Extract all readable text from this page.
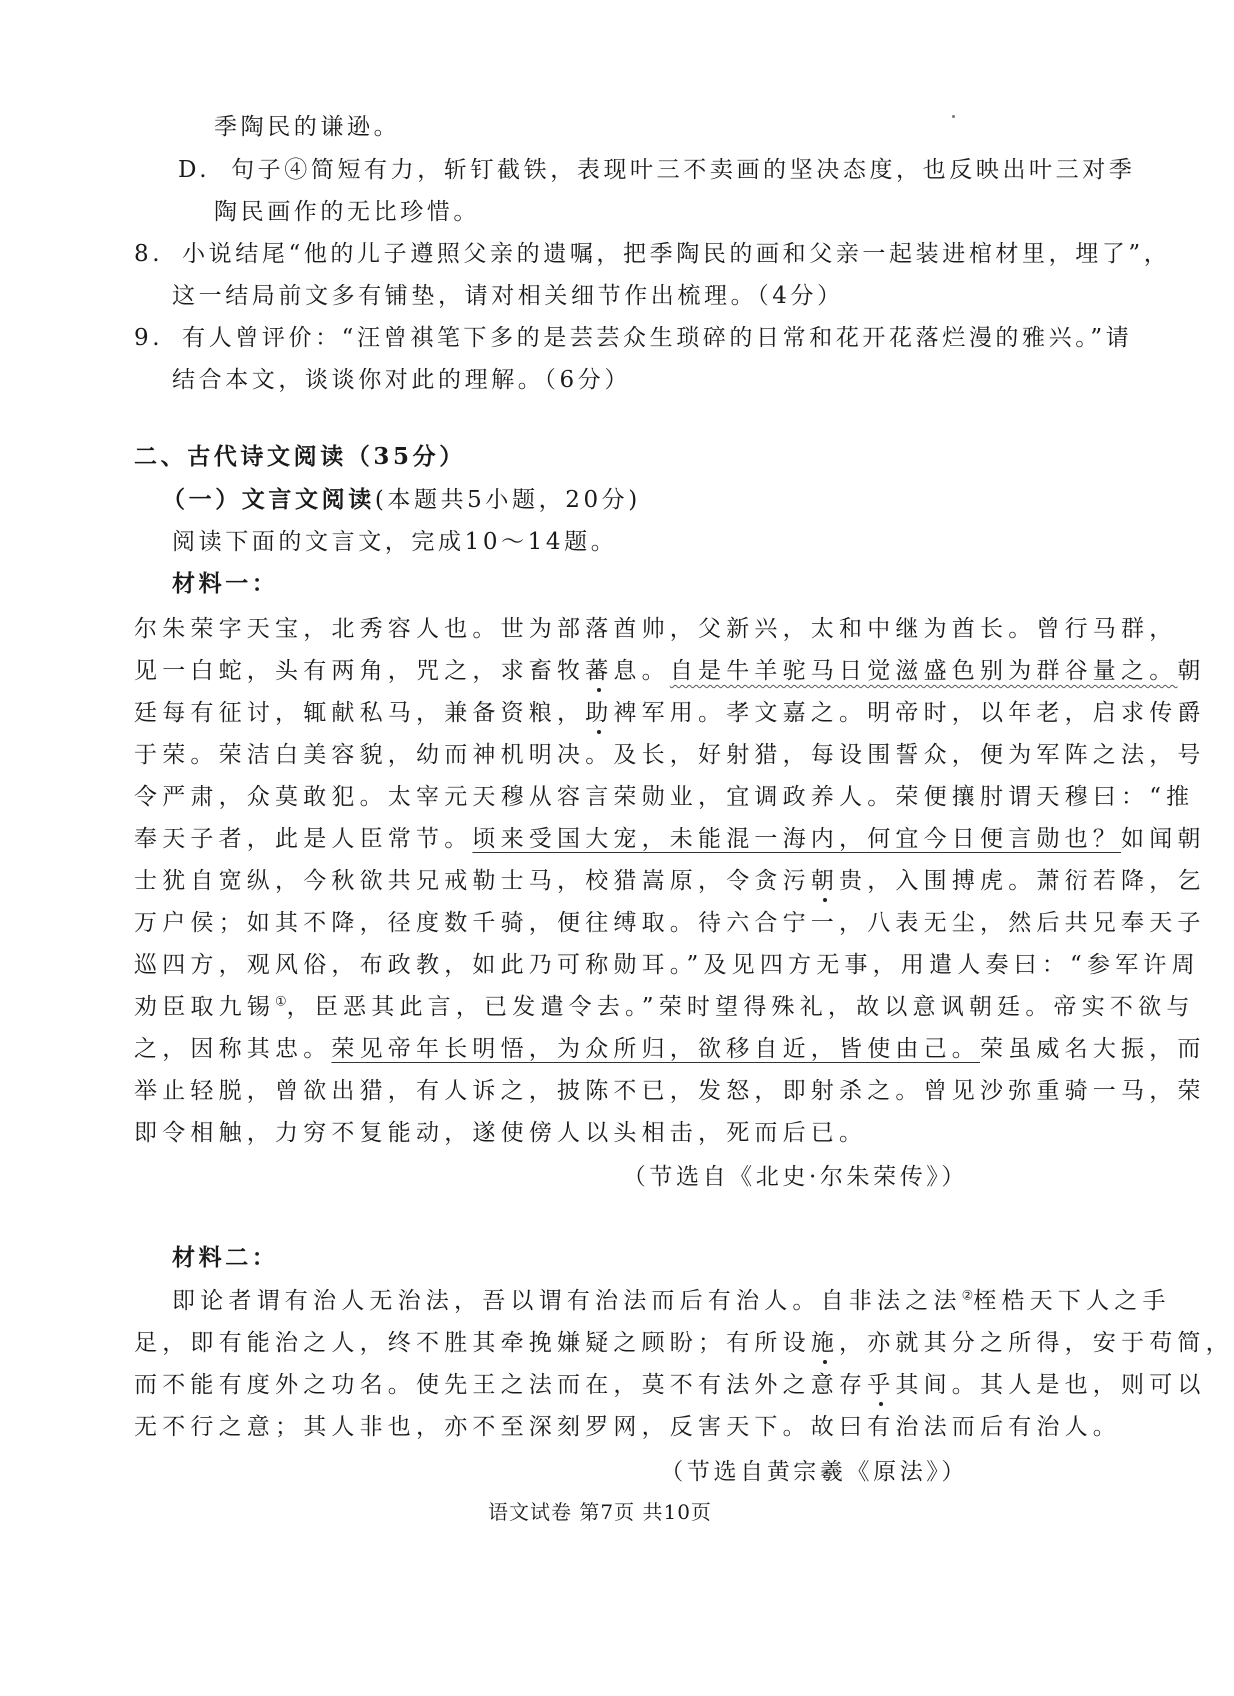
季陶民的谦逊。
D. 句子④简短有力，斩钉截铁，表现叶三不卖画的坚决态度，也反映出叶三对季
陶民画作的无比珍惜。
8. 小说结尾“他的儿子遵照父亲的遗嘱，把季陶民的画和父亲一起装进棺材里，埋了”，
这一结局前文多有铺垫，请对相关细节作出梳理。（4分）
9. 有人曾评价：“汪曾祺笔下多的是芸芸众生琐碎的日常和花开花落烂漫的雅兴。”请
结合本文，谈谈你对此的理解。（6分）
二、古代诗文阅读（35分）
（一）文言文阅读(本题共5小题，20分)
阅读下面的文言文，完成10～14题。
材料一：
尔朱荣字天宝，北秀容人也。世为部落酋帅，父新兴，太和中继为酋长。曾行马群，
见一白蛇，头有两角，咒之，求畜牧蕃息。自是牛羊驼马日觉滋盛色别为群谷量之。朝
廷每有征讨，辄献私马，兼备资粮，助裨军用。孝文嘉之。明帝时，以年老，启求传爵
于荣。荣洁白美容貌，幼而神机明决。及长，好射猎，每设围誓众，便为军阵之法，号
令严肃，众莫敢犯。太宰元天穆从容言荣勋业，宜调政养人。荣便攘肘谓天穆曰：“推
奉天子者，此是人臣常节。顷来受国大宠，未能混一海内，何宜今日便言勋也？如闻朝
士犹自宽纵，今秋欲共兄戒勒士马，校猎嵩原，令贪污朝贵，入围搏虎。萧衍若降，乞
万户侯；如其不降，径度数千骑，便往缚取。待六合宁一，八表无尘，然后共兄奉天子
巡四方，观风俗，布政教，如此乃可称勋耳。”及见四方无事，用遣人奏曰：“参军许周
劝臣取九锡①，臣恶其此言，已发遣令去。”荣时望得殊礼，故以意讽朝廷。帝实不欲与
之，因称其忠。荣见帝年长明悟，为众所归，欲移自近，皆使由己。荣虽威名大振，而
举止轻脱，曾欲出猎，有人诉之，披陈不已，发怒，即射杀之。曾见沙弥重骑一马，荣
即令相触，力穷不复能动，遂使傍人以头相击，死而后已。
（节选自《北史·尔朱荣传》）
材料二：
即论者谓有治人无治法，吾以谓有治法而后有治人。自非法之法②桎梏天下人之手
足，即有能治之人，终不胜其牵挽嫌疑之顾盼；有所设施，亦就其分之所得，安于苟简，
而不能有度外之功名。使先王之法而在，莫不有法外之意存乎其间。其人是也，则可以
无不行之意；其人非也，亦不至深刻罗网，反害天下。故曰有治法而后有治人。
（节选自黄宗羲《原法》）
语文试卷 第7页 共10页
